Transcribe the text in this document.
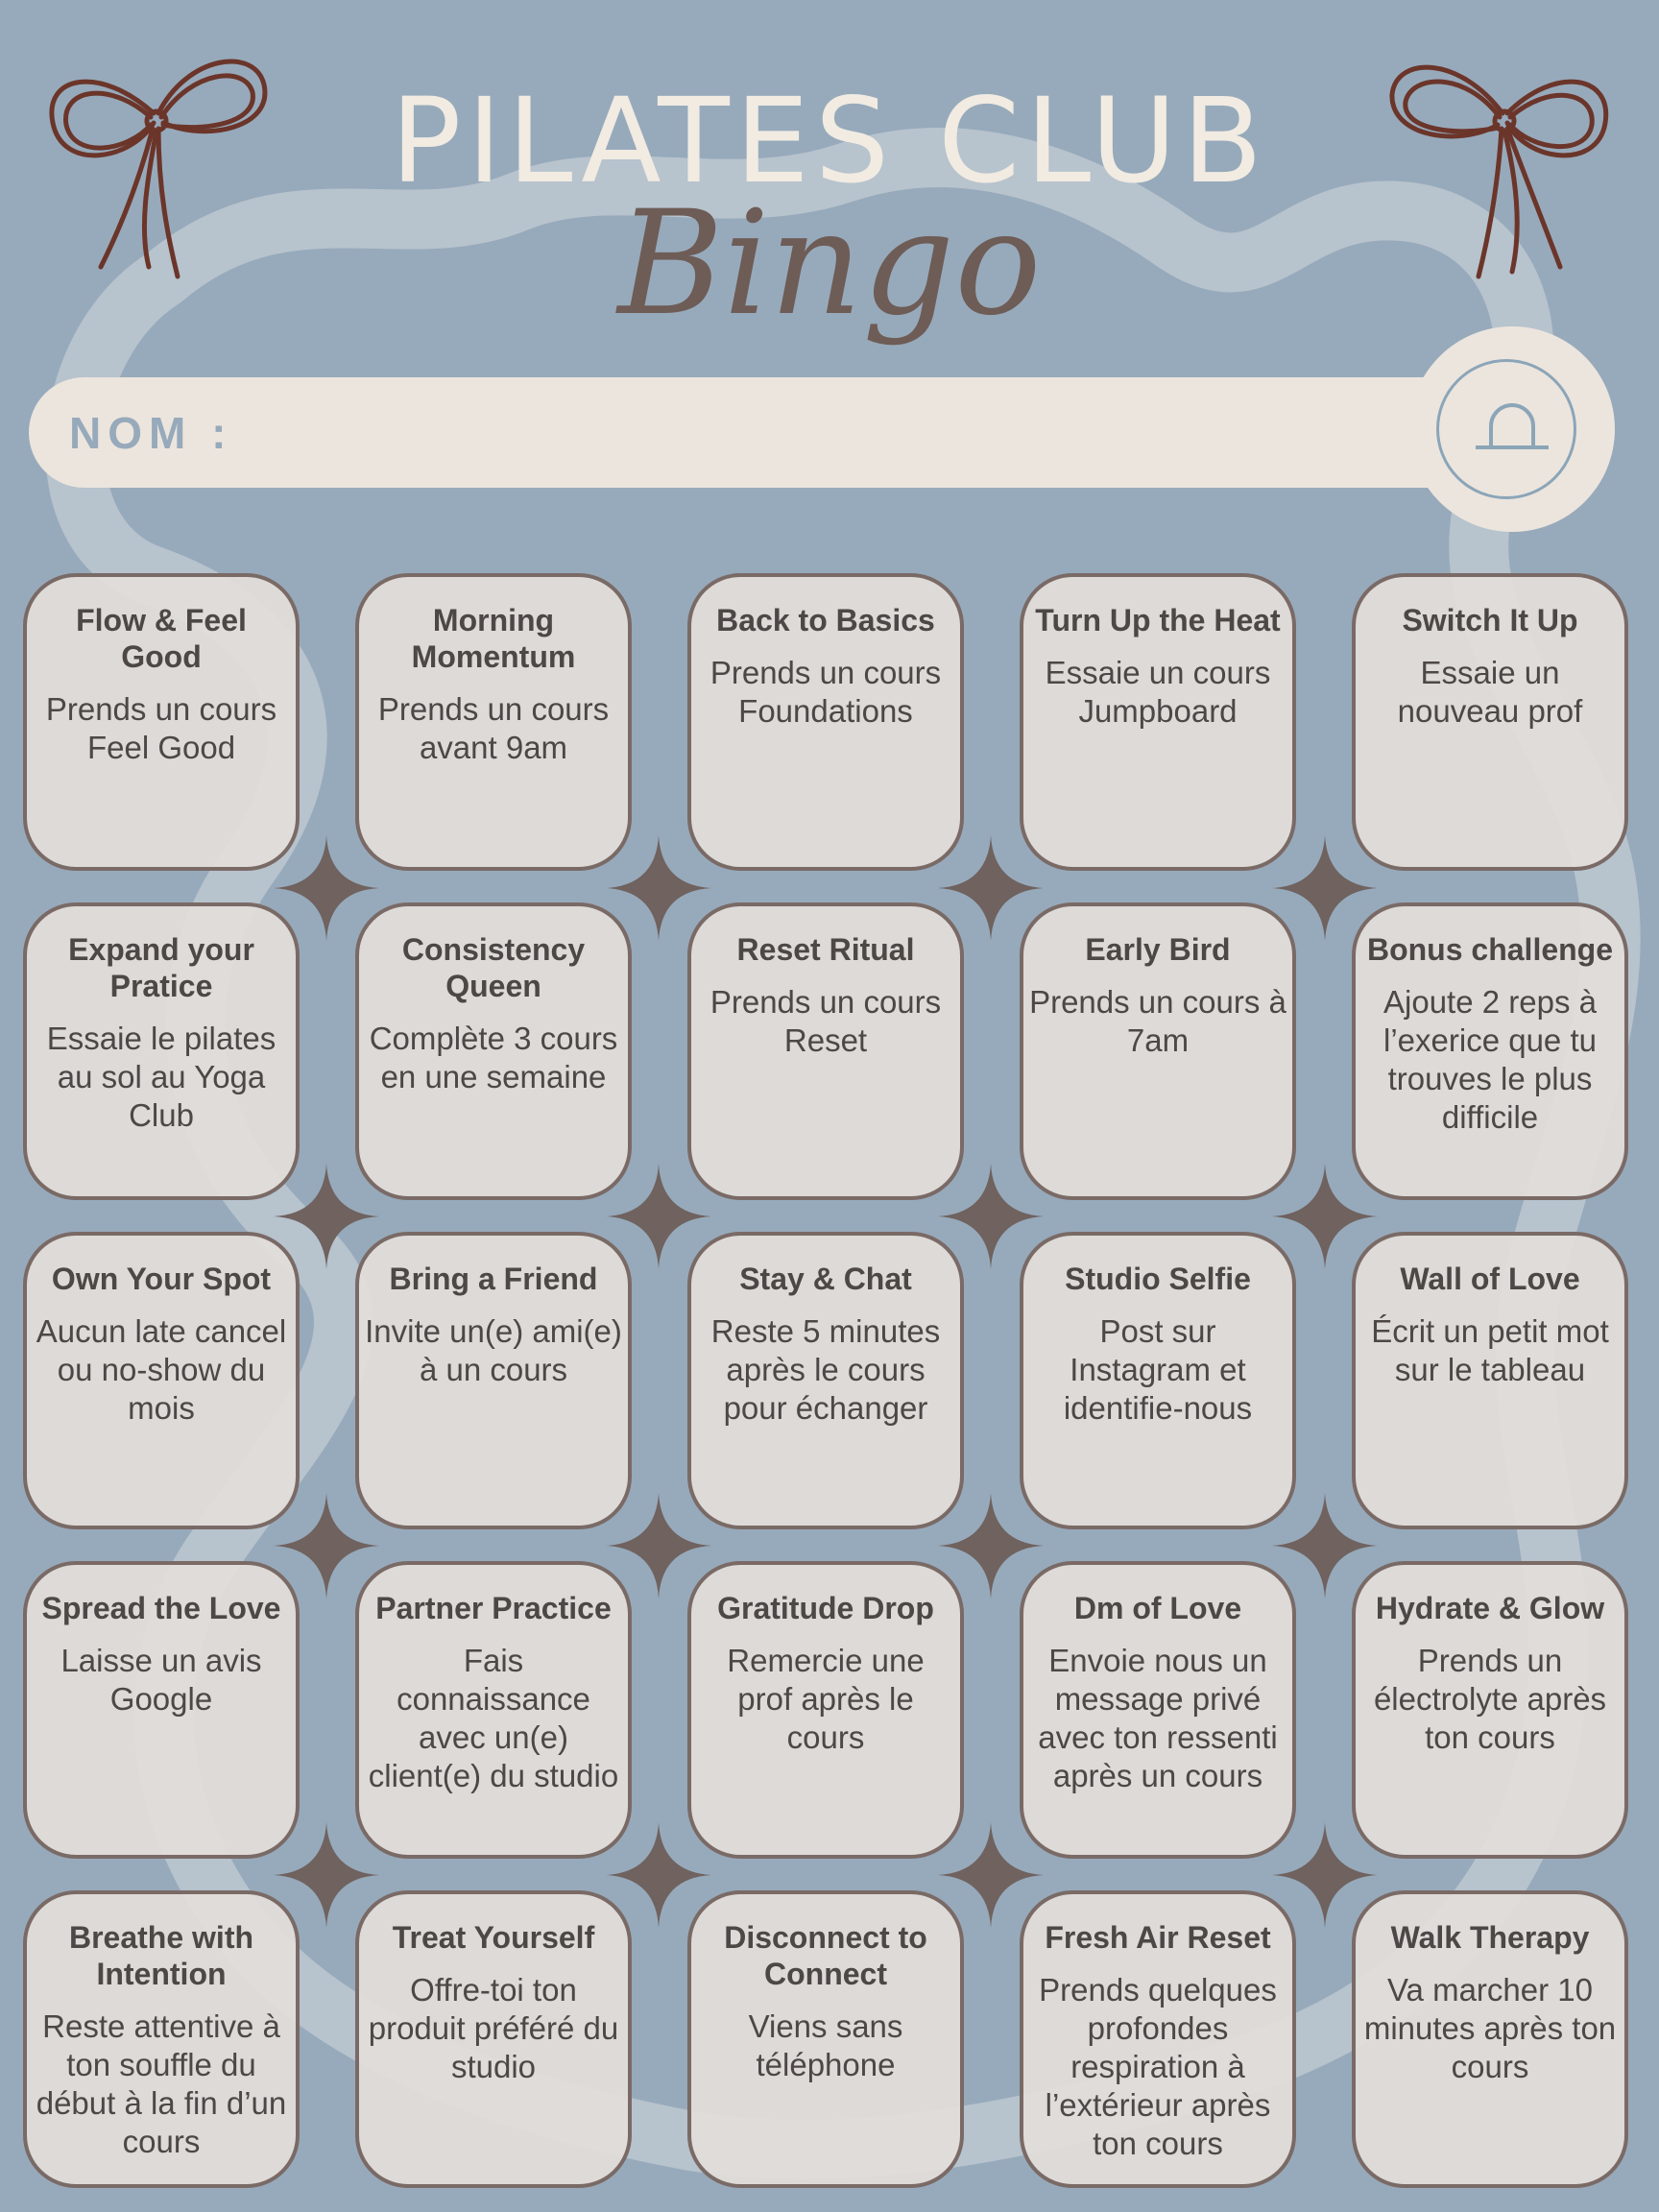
PILATES CLUB
Bingo
NOM :
Flow & Feel Good
Prends un cours Feel Good
Morning Momentum
Prends un cours avant 9am
Back to Basics
Prends un cours Foundations
Turn Up the Heat
Essaie un cours Jumpboard
Switch It Up
Essaie un nouveau prof
Expand your Pratice
Essaie le pilates au sol au Yoga Club
Consistency Queen
Complète 3 cours en une semaine
Reset Ritual
Prends un cours Reset
Early Bird
Prends un cours à 7am
Bonus challenge
Ajoute 2 reps à l’exerice que tu trouves le plus difficile
Own Your Spot
Aucun late cancel ou no-show du mois
Bring a Friend
Invite un(e) ami(e) à un cours
Stay & Chat
Reste 5 minutes après le cours pour échanger
Studio Selfie
Post sur Instagram et identifie-nous
Wall of Love
Écrit un petit mot sur le tableau
Spread the Love
Laisse un avis Google
Partner Practice
Fais connaissance avec un(e) client(e) du studio
Gratitude Drop
Remercie une prof après le cours
Dm of Love
Envoie nous un message privé avec ton ressenti après un cours
Hydrate & Glow
Prends un électrolyte après ton cours
Breathe with Intention
Reste attentive à ton souffle du début à la fin d’un cours
Treat Yourself
Offre-toi ton produit préféré du studio
Disconnect to Connect
Viens sans téléphone
Fresh Air Reset
Prends quelques profondes respiration à l’extérieur après ton cours
Walk Therapy
Va marcher 10 minutes après ton cours
